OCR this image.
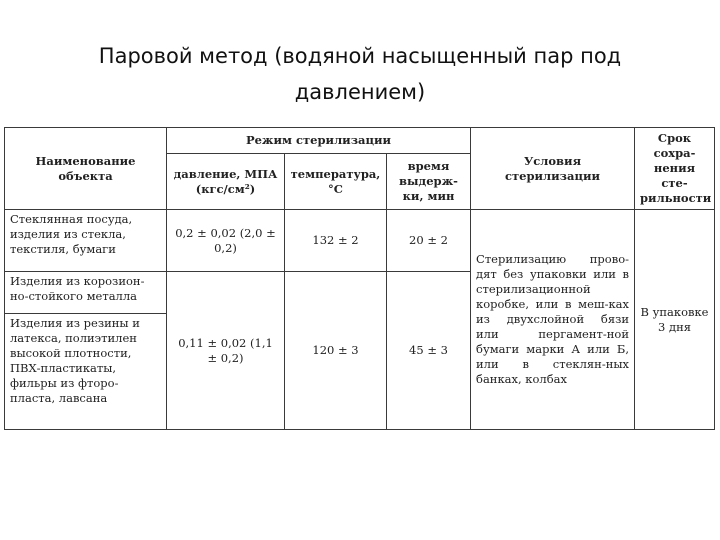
Паровой метод (водяной насыщенный пар под
давлением)
Наименование объекта	Режим стерилизации			Условия стерилизации	Срок сохра-нения сте-рильности
	давление, МПА (кгс/см²)	температура, °С	время выдерж-ки, мин		
Стеклянная посуда, изделия из стекла, текстиля, бумаги	0,2 ± 0,02 (2,0 ± 0,2)	132 ± 2	20 ± 2	Стерилизацию прово-дят без упаковки или в стерилизационной коробке, или в меш-ках из двухслойной бязи или пергамент-ной бумаги марки А или Б, или в стеклян-ных банках, колбах	В упаковке 3 дня
Изделия из корозион-но-стойкого металла	0,11 ± 0,02 (1,1 ± 0,2)	120 ± 3	45 ± 3		
Изделия из резины и латекса, полиэтилен высокой плотности, ПВХ-пластикаты, фильры из фторо-пласта, лавсана					
